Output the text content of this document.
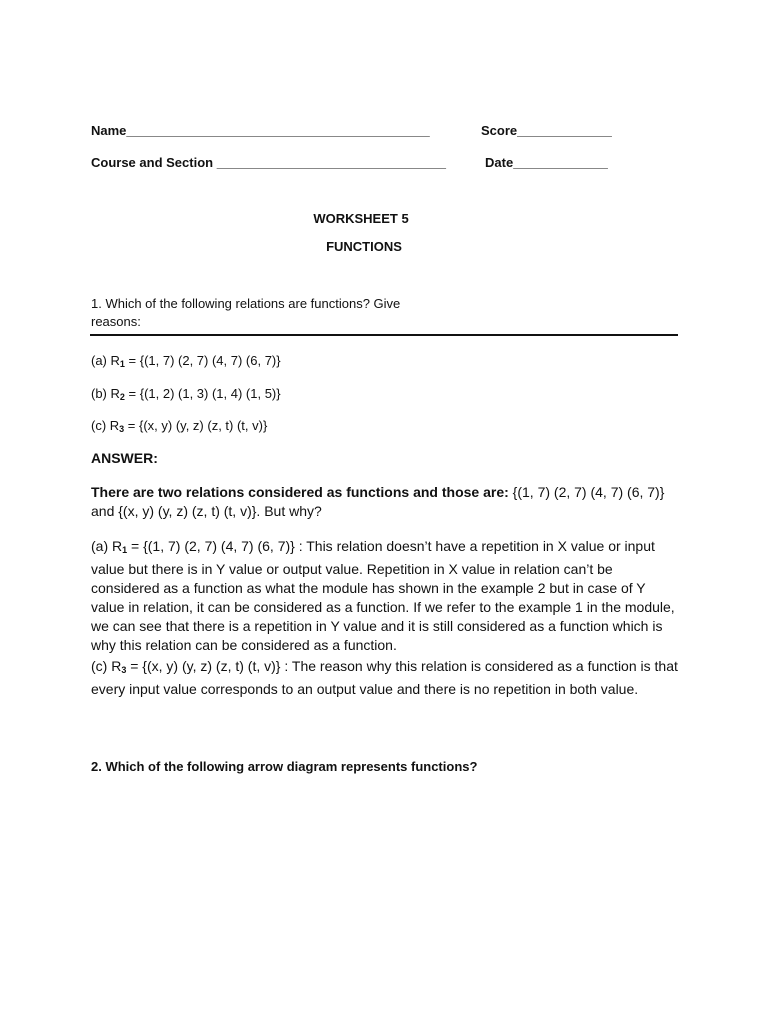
Name_____________________________________________	Score______________
Course and Section __________________________________	Date______________
WORKSHEET 5
FUNCTIONS
1. Which of the following relations are functions? Give
reasons:
(a) R1 = {(1, 7) (2, 7) (4, 7) (6, 7)}
(b) R2 = {(1, 2) (1, 3) (1, 4) (1, 5)}
(c) R3 = {(x, y) (y, z) (z, t) (t, v)}
ANSWER:
There are two relations considered as functions and those are: {(1, 7) (2, 7) (4, 7) (6, 7)} and {(x, y) (y, z) (z, t) (t, v)}. But why?
(a) R1 = {(1, 7) (2, 7) (4, 7) (6, 7)} : This relation doesn’t have a repetition in X value or input value but there is in Y value or output value. Repetition in X value in relation can’t be considered as a function as what the module has shown in the example 2 but in case of Y value in relation, it can be considered as a function. If we refer to the example 1 in the module, we can see that there is a repetition in Y value and it is still considered as a function which is why this relation can be considered as a function.
(c) R3 = {(x, y) (y, z) (z, t) (t, v)} : The reason why this relation is considered as a function is that every input value corresponds to an output value and there is no repetition in both value.
2. Which of the following arrow diagram represents functions?
